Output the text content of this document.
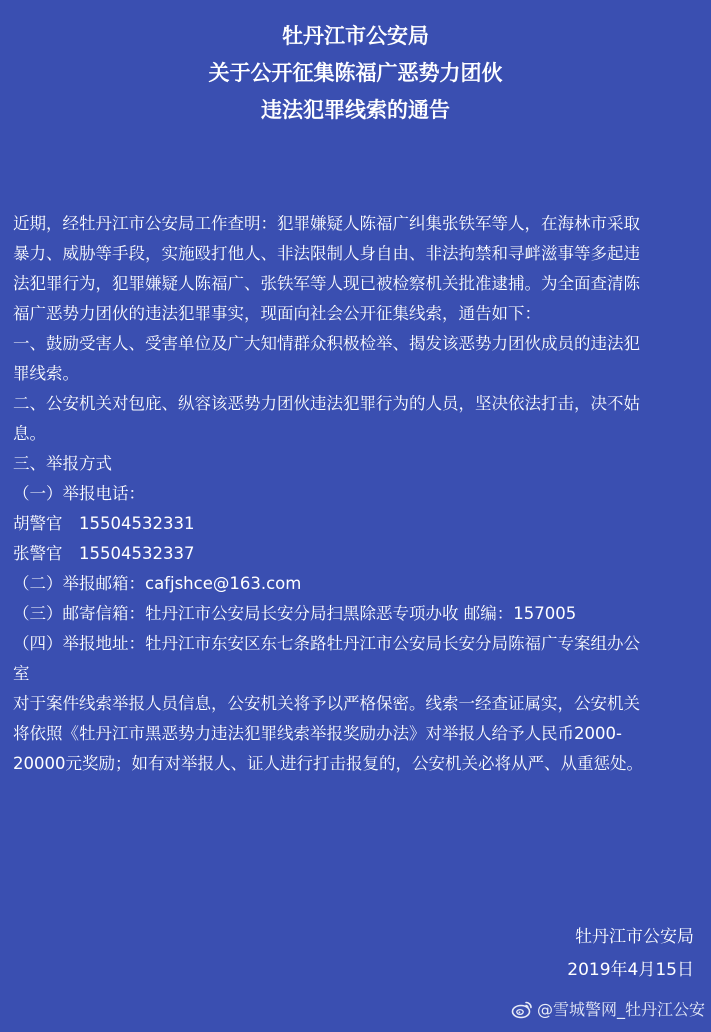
牡丹江市公安局
关于公开征集陈福广恶势力团伙
违法犯罪线索的通告

近期，经牡丹江市公安局工作查明：犯罪嫌疑人陈福广纠集张铁军等人，在海林市采取

暴力、威胁等手段，实施殴打他人、非法限制人身自由、非法拘禁和寻衅滋事等多起违

法犯罪行为，犯罪嫌疑人陈福广、张铁军等人现已被检察机关批准逮捕。为全面查清陈

福广恶势力团伙的违法犯罪事实，现面向社会公开征集线索，通告如下：

一、鼓励受害人、受害单位及广大知情群众积极检举、揭发该恶势力团伙成员的违法犯

罪线索。

二、公安机关对包庇、纵容该恶势力团伙违法犯罪行为的人员，坚决依法打击，决不姑

息。

三、举报方式

（一）举报电话：

胡警官　15504532331

张警官　15504532337

（二）举报邮箱：cafjshce@163.com

（三）邮寄信箱：牡丹江市公安局长安分局扫黑除恶专项办收 邮编：157005

（四）举报地址：牡丹江市东安区东七条路牡丹江市公安局长安分局陈福广专案组办公

室

对于案件线索举报人员信息，公安机关将予以严格保密。线索一经查证属实，公安机关

将依照《牡丹江市黑恶势力违法犯罪线索举报奖励办法》对举报人给予人民币2000-

20000元奖励；如有对举报人、证人进行打击报复的，公安机关必将从严、从重惩处。

牡丹江市公安局
2019年4月15日
@雪城警网_牡丹江公安
